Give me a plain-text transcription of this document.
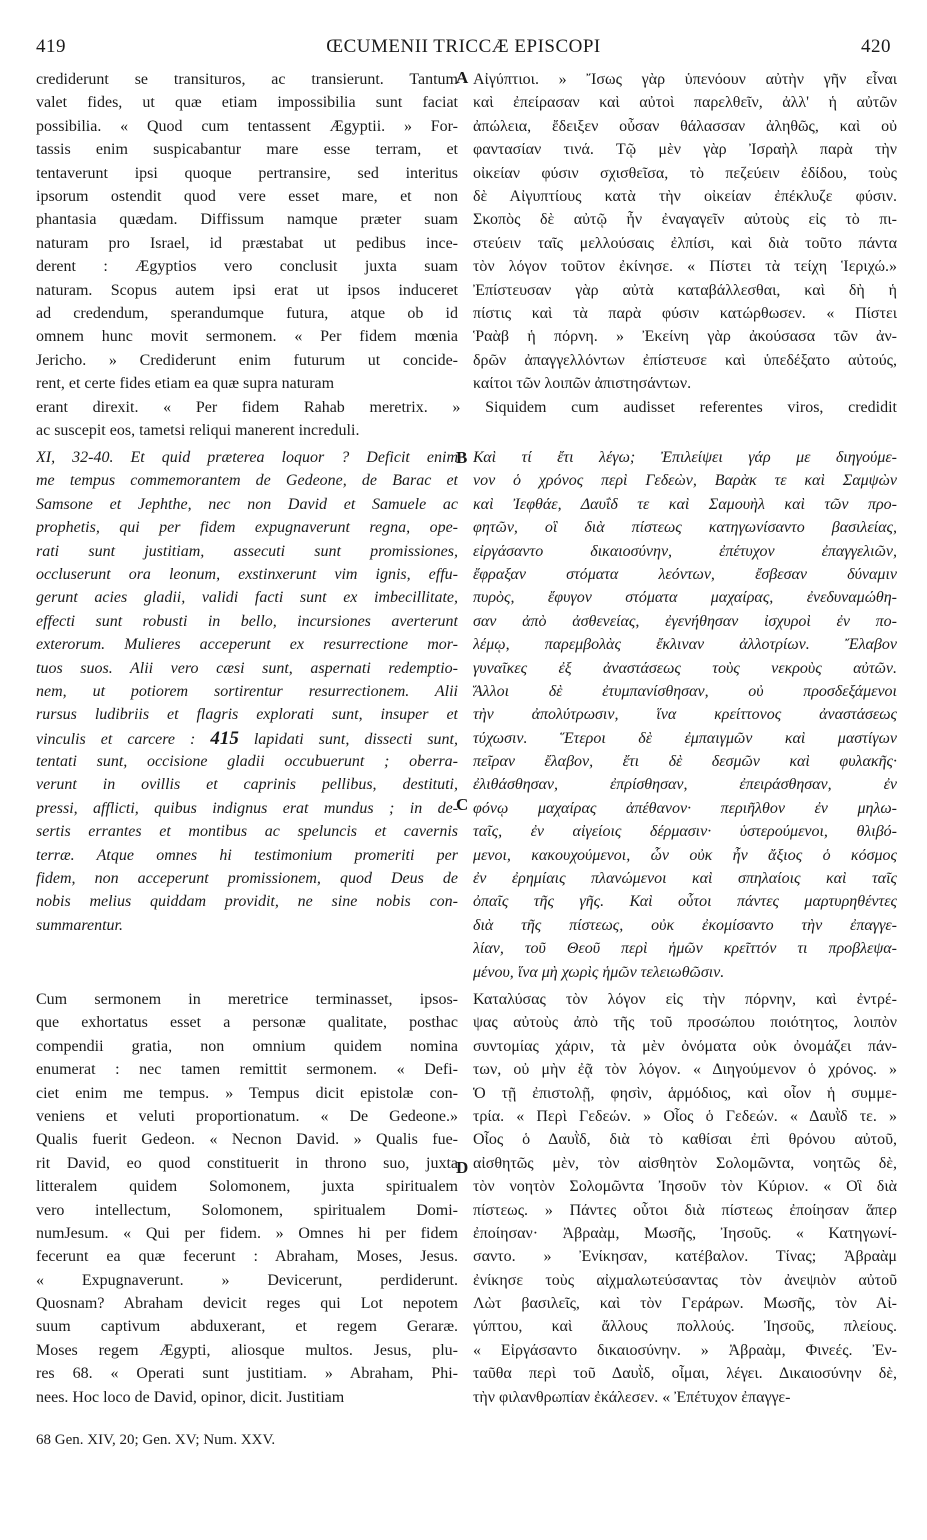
419	ŒCUMENII TRICCÆ EPISCOPI	420
crediderunt se transituros, ac transierunt. Tantum
valet fides, ut quæ etiam impossibilia sunt faciat
possibilia. « Quod cum tentassent Ægyptii. » For-
tassis enim suspicabantur mare esse terram, et
tentaverunt ipsi quoque pertransire, sed interitus
ipsorum ostendit quod vere esset mare, et non
phantasia quædam. Diffissum namque præter suam
naturam pro Israel, id præstabat ut pedibus ince-
derent : Ægyptios vero conclusit juxta suam
naturam. Scopus autem ipsi erat ut ipsos induceret
ad credendum, sperandumque futura, atque ob id
omnem hunc movit sermonem. « Per fidem mœnia
Jericho. » Crediderunt enim futurum ut concide-
rent, et certe fides etiam ea quæ supra naturam
Αἰγύπτιοι. » Ἴσως γὰρ ὑπενόουν αὐτὴν γῆν εἶναι
καὶ ἐπείρασαν καὶ αὐτοὶ παρελθεῖν, ἀλλ' ἡ αὐτῶν
ἀπώλεια, ἔδειξεν οὖσαν θάλασσαν ἀληθῶς, καὶ οὐ
φαντασίαν τινά. Τῷ μὲν γὰρ Ἰσραὴλ παρὰ τὴν
οἰκείαν φύσιν σχισθεῖσα, τὸ πεζεύειν ἐδίδου, τοὺς
δὲ Αἰγυπτίους κατὰ τὴν οἰκείαν ἐπέκλυζε φύσιν.
Σκοπὸς δὲ αὐτῷ ἦν ἐναγαγεῖν αὐτοὺς εἰς τὸ πι-
στεύειν ταῖς μελλούσαις ἐλπίσι, καὶ διὰ τοῦτο πάντα
τὸν λόγον τοῦτον ἐκίνησε. « Πίστει τὰ τείχη Ἱεριχώ.»
Ἐπίστευσαν γὰρ αὐτὰ καταβάλλεσθαι, καὶ δὴ ἡ
πίστις καὶ τὰ παρὰ φύσιν κατώρθωσεν. « Πίστει
Ῥαὰβ ἡ πόρνη. » Ἐκείνη γὰρ ἀκούσασα τῶν ἀν-
δρῶν ἀπαγγελλόντων ἐπίστευσε καὶ ὑπεδέξατο αὐτούς,
καίτοι τῶν λοιπῶν ἀπιστησάντων.
A
erant direxit. « Per fidem Rahab meretrix. » Siquidem cum audisset referentes viros, credidit
ac suscepit eos, tametsi reliqui manerent increduli.
XI, 32-40. Et quid præterea loquor ? Deficit enim
me tempus commemorantem de Gedeone, de Barac et
Samsone et Jephthe, nec non David et Samuele ac
prophetis, qui per fidem expugnaverunt regna, ope-
rati sunt justitiam, assecuti sunt promissiones,
occluserunt ora leonum, exstinxerunt vim ignis, effu-
gerunt acies gladii, validi facti sunt ex imbecillitate,
effecti sunt robusti in bello, incursiones averterunt
exterorum. Mulieres acceperunt ex resurrectione mor-
tuos suos. Alii vero cæsi sunt, aspernati redemptio-
nem, ut potiorem sortirentur resurrectionem. Alii
rursus ludibriis et flagris explorati sunt, insuper et
vinculis et carcere : 415 lapidati sunt, dissecti sunt,
tentati sunt, occisione gladii occubuerunt ; oberra-
verunt in ovillis et caprinis pellibus, destituti,
pressi, afflicti, quibus indignus erat mundus ; in de-
sertis errantes et montibus ac speluncis et cavernis
terræ. Atque omnes hi testimonium promeriti per
fidem, non acceperunt promissionem, quod Deus de
nobis melius quiddam providit, ne sine nobis con-
summarentur.
Καὶ τί ἔτι λέγω; Ἐπιλείψει γάρ με διηγούμε-
νον ὁ χρόνος περὶ Γεδεὼν, Βαρὰκ τε καὶ Σαμψὼν
καὶ Ἰεφθάε, Δαυΐδ τε καὶ Σαμουὴλ καὶ τῶν προ-
φητῶν, οἳ διὰ πίστεως κατηγωνίσαντο βασιλείας,
εἰργάσαντο δικαιοσύνην, ἐπέτυχον ἐπαγγελιῶν,
ἔφραξαν στόματα λεόντων, ἔσβεσαν δύναμιν
πυρὸς, ἔφυγον στόματα μαχαίρας, ἐνεδυναμώθη-
σαν ἀπὸ ἀσθενείας, ἐγενήθησαν ἰσχυροὶ ἐν πο-
λέμῳ, παρεμβολὰς ἔκλιναν ἀλλοτρίων. Ἔλαβον
γυναῖκες ἐξ ἀναστάσεως τοὺς νεκροὺς αὐτῶν.
Ἄλλοι δὲ ἐτυμπανίσθησαν, οὐ προσδεξάμενοι
τὴν ἀπολύτρωσιν, ἵνα κρείττονος ἀναστάσεως
τύχωσιν. Ἕτεροι δὲ ἐμπαιγμῶν καὶ μαστίγων
πεῖραν ἔλαβον, ἔτι δὲ δεσμῶν καὶ φυλακῆς·
ἐλιθάσθησαν, ἐπρίσθησαν, ἐπειράσθησαν, ἐν
φόνῳ μαχαίρας ἀπέθανον· περιῆλθον ἐν μηλω-
ταῖς, ἐν αἰγείοις δέρμασιν· ὑστερούμενοι, θλιβό-
μενοι, κακουχούμενοι, ὧν οὐκ ἦν ἄξιος ὁ κόσμος
ἐν ἐρημίαις πλανώμενοι καὶ σπηλαίοις καὶ ταῖς
ὀπαῖς τῆς γῆς. Καὶ οὗτοι πάντες μαρτυρηθέντες
διὰ τῆς πίστεως, οὐκ ἐκομίσαντο τὴν ἐπαγγε-
λίαν, τοῦ Θεοῦ περὶ ἡμῶν κρεῖττόν τι προβλεψα-
μένου, ἵνα μὴ χωρὶς ἡμῶν τελειωθῶσιν.
B
C
Cum sermonem in meretrice terminasset, ipsos-
que exhortatus esset a personæ qualitate, posthac
compendii gratia, non omnium quidem nomina
enumerat : nec tamen remittit sermonem. « Defi-
ciet enim me tempus. » Tempus dicit epistolæ con-
veniens et veluti proportionatum. « De Gedeone.»
Qualis fuerit Gedeon. « Necnon David. » Qualis fue-
rit David, eo quod constituerit in throno suo, juxta
litteralem quidem Solomonem, juxta spiritualem
vero intellectum, Solomonem, spiritualem Domi-
numJesum. « Qui per fidem. » Omnes hi per fidem
fecerunt ea quæ fecerunt : Abraham, Moses, Jesus.
« Expugnaverunt. » Devicerunt, perdiderunt.
Quosnam? Abraham devicit reges qui Lot nepotem
suum captivum abduxerant, et regem Geraræ.
Moses regem Ægypti, aliosque multos. Jesus, plu-
res 68. « Operati sunt justitiam. » Abraham, Phi-
nees. Hoc loco de David, opinor, dicit. Justitiam
Καταλύσας τὸν λόγον εἰς τὴν πόρνην, καὶ ἐντρέ-
ψας αὐτοὺς ἀπὸ τῆς τοῦ προσώπου ποιότητος, λοιπὸν
συντομίας χάριν, τὰ μὲν ὀνόματα οὐκ ὀνομάζει πάν-
των, οὐ μὴν ἐᾷ τὸν λόγον. « Διηγούμενον ὁ χρόνος. »
Ὁ τῇ ἐπιστολῇ, φησὶν, ἁρμόδιος, καὶ οἷον ἡ συμμε-
τρία. « Περὶ Γεδεών. » Οἷος ὁ Γεδεών. « Δαυῒδ τε. »
Οἷος ὁ Δαυῒδ, διὰ τὸ καθίσαι ἐπὶ θρόνου αὐτοῦ,
αἰσθητῶς μὲν, τὸν αἰσθητὸν Σολομῶντα, νοητῶς δὲ,
τὸν νοητὸν Σολομῶντα Ἰησοῦν τὸν Κύριον. « Οἳ διὰ
πίστεως. » Πάντες οὗτοι διὰ πίστεως ἐποίησαν ἅπερ
ἐποίησαν· Ἀβραὰμ, Μωσῆς, Ἰησοῦς. « Κατηγωνί-
σαντο. » Ἐνίκησαν, κατέβαλον. Τίνας; Ἀβραὰμ
ἐνίκησε τοὺς αἰχμαλωτεύσαντας τὸν ἀνεψιὸν αὐτοῦ
Λὼτ βασιλεῖς, καὶ τὸν Γεράρων. Μωσῆς, τὸν Αἰ-
γύπτου, καὶ ἄλλους πολλούς. Ἰησοῦς, πλείους.
« Εἰργάσαντο δικαιοσύνην. » Ἀβραὰμ, Φινεές. Ἐν-
ταῦθα περὶ τοῦ Δαυῒδ, οἶμαι, λέγει. Δικαιοσύνην δὲ,
τὴν φιλανθρωπίαν ἐκάλεσεν. « Ἐπέτυχον ἐπαγγε-
D
68 Gen. XIV, 20; Gen. XV; Num. XXV.
